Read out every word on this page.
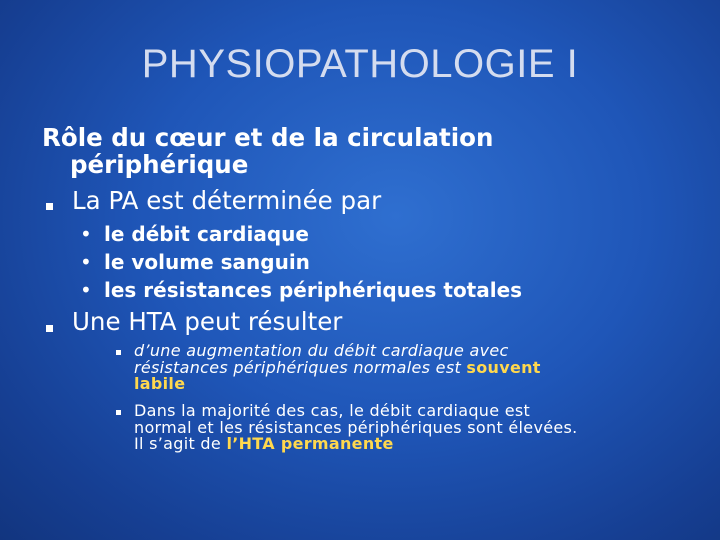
PHYSIOPATHOLOGIE I
Rôle du cœur et de la circulation
périphérique
La PA est déterminée par
• le débit cardiaque
• le volume sanguin
• les résistances périphériques totales
Une HTA peut résulter
d’une augmentation du débit cardiaque avec
résistances périphériques normales est souvent
labile
Dans la majorité des cas, le débit cardiaque est
normal et les résistances périphériques sont élevées.
Il s’agit de l’HTA permanente
